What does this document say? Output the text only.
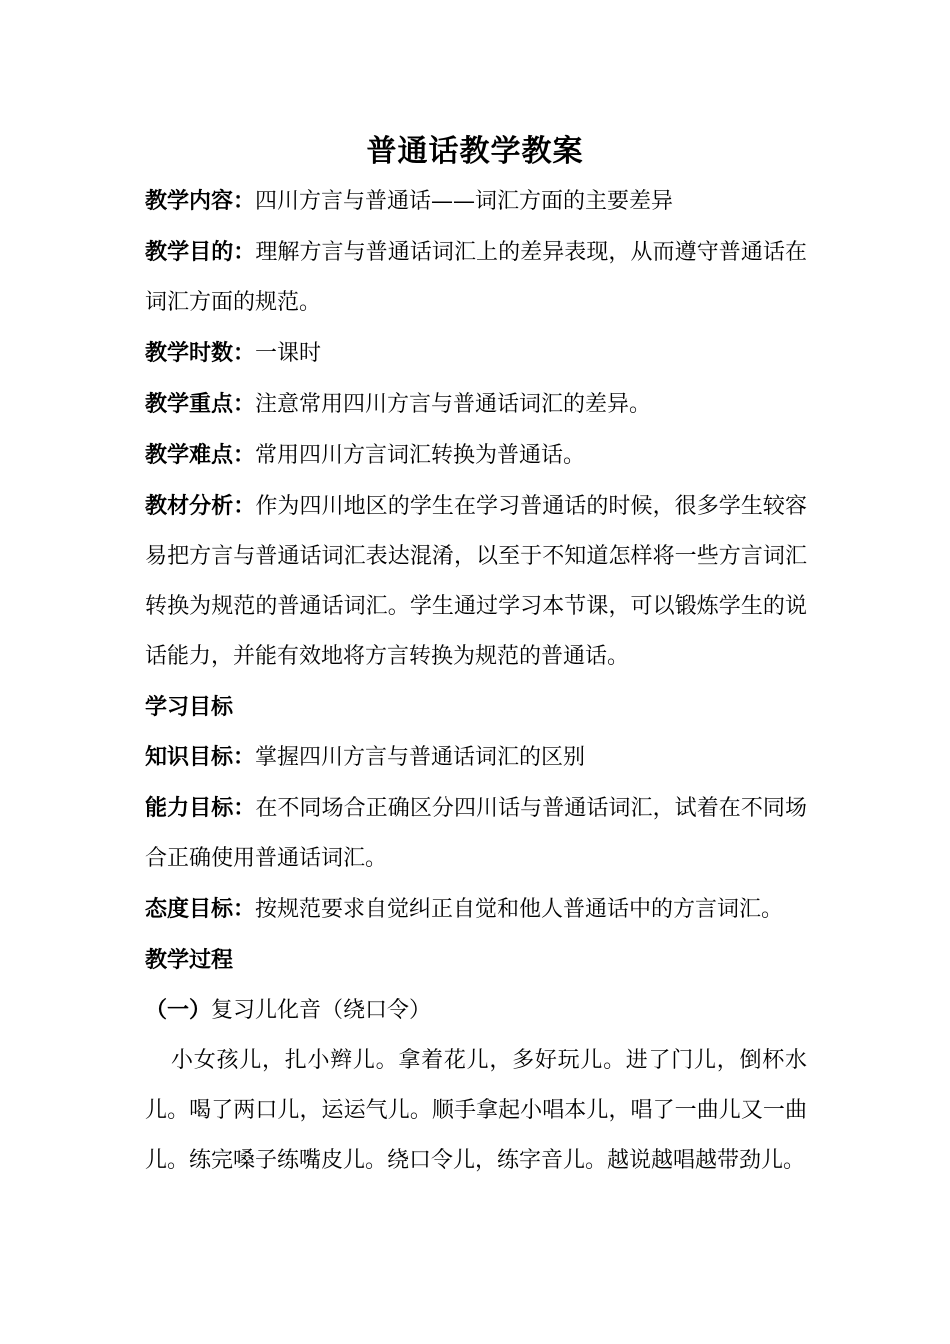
普通话教学教案

教学内容：四川方言与普通话——词汇方面的主要差异

教学目的：理解方言与普通话词汇上的差异表现，从而遵守普通话在词汇方面的规范。

教学时数：一课时

教学重点：注意常用四川方言与普通话词汇的差异。

教学难点：常用四川方言词汇转换为普通话。

教材分析：作为四川地区的学生在学习普通话的时候，很多学生较容易把方言与普通话词汇表达混淆，以至于不知道怎样将一些方言词汇转换为规范的普通话词汇。学生通过学习本节课，可以锻炼学生的说话能力，并能有效地将方言转换为规范的普通话。

学习目标

知识目标：掌握四川方言与普通话词汇的区别

能力目标：在不同场合正确区分四川话与普通话词汇，试着在不同场合正确使用普通话词汇。

态度目标：按规范要求自觉纠正自觉和他人普通话中的方言词汇。

教学过程

（一）复习儿化音（绕口令）

小女孩儿，扎小辫儿。拿着花儿，多好玩儿。进了门儿，倒杯水儿。喝了两口儿，运运气儿。顺手拿起小唱本儿，唱了一曲儿又一曲儿。练完嗓子练嘴皮儿。绕口令儿，练字音儿。越说越唱越带劲儿。
